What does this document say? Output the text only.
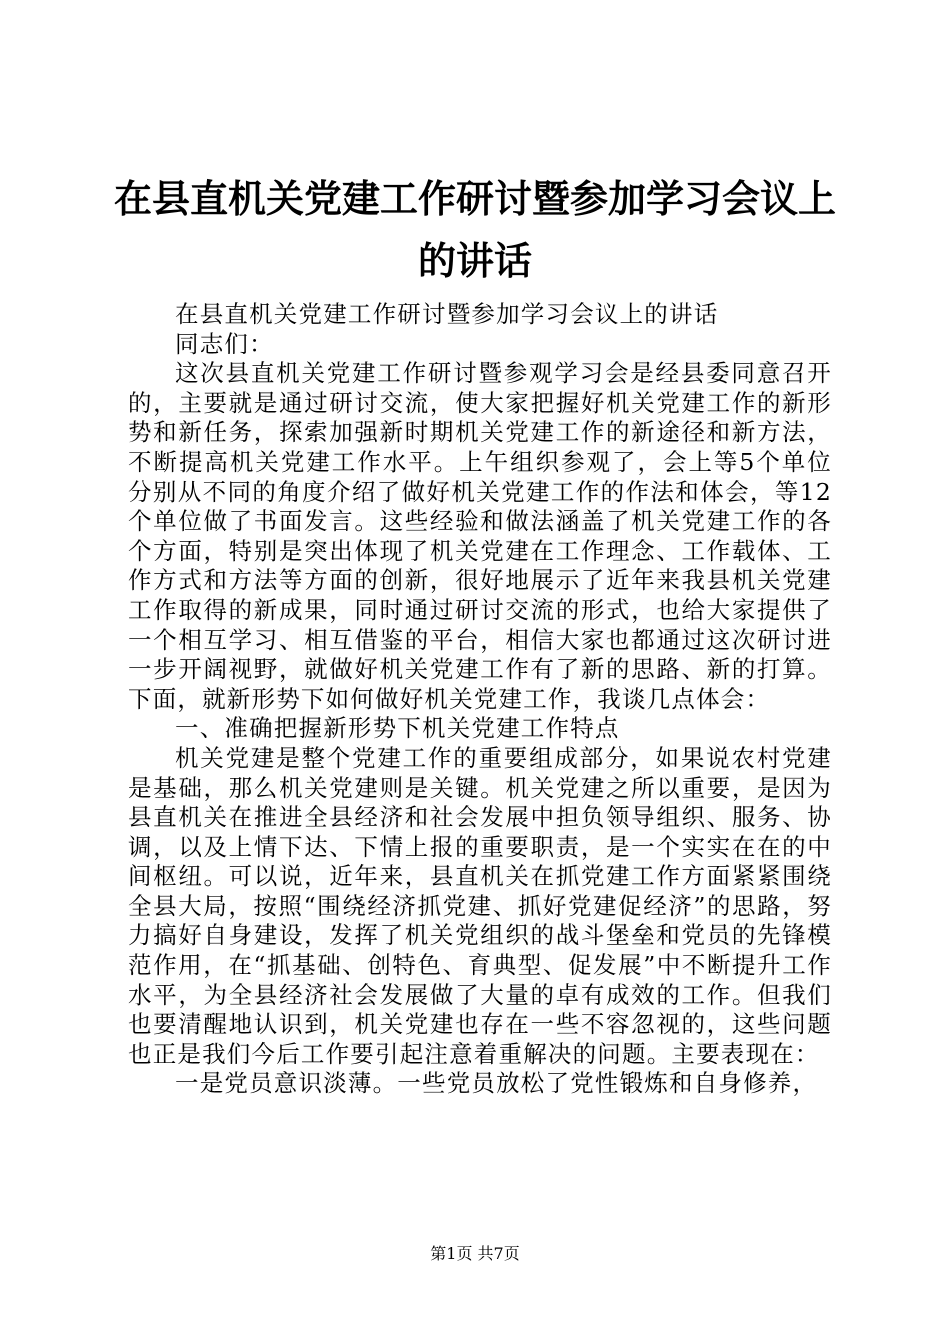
在县直机关党建工作研讨暨参加学习会议上的讲话

在县直机关党建工作研讨暨参加学习会议上的讲话

同志们：

这次县直机关党建工作研讨暨参观学习会是经县委同意召开的，主要就是通过研讨交流，使大家把握好机关党建工作的新形势和新任务，探索加强新时期机关党建工作的新途径和新方法，不断提高机关党建工作水平。上午组织参观了，会上等5个单位分别从不同的角度介绍了做好机关党建工作的作法和体会，等12个单位做了书面发言。这些经验和做法涵盖了机关党建工作的各个方面，特别是突出体现了机关党建在工作理念、工作载体、工作方式和方法等方面的创新，很好地展示了近年来我县机关党建工作取得的新成果，同时通过研讨交流的形式，也给大家提供了一个相互学习、相互借鉴的平台，相信大家也都通过这次研讨进一步开阔视野，就做好机关党建工作有了新的思路、新的打算。下面，就新形势下如何做好机关党建工作，我谈几点体会：

一、准确把握新形势下机关党建工作特点

机关党建是整个党建工作的重要组成部分，如果说农村党建是基础，那么机关党建则是关键。机关党建之所以重要，是因为县直机关在推进全县经济和社会发展中担负领导组织、服务、协调，以及上情下达、下情上报的重要职责，是一个实实在在的中间枢纽。可以说，近年来，县直机关在抓党建工作方面紧紧围绕全县大局，按照“围绕经济抓党建、抓好党建促经济”的思路，努力搞好自身建设，发挥了机关党组织的战斗堡垒和党员的先锋模范作用，在“抓基础、创特色、育典型、促发展”中不断提升工作水平，为全县经济社会发展做了大量的卓有成效的工作。但我们也要清醒地认识到，机关党建也存在一些不容忽视的，这些问题也正是我们今后工作要引起注意着重解决的问题。主要表现在：

一是党员意识淡薄。一些党员放松了党性锻炼和自身修养，

第1页 共7页
